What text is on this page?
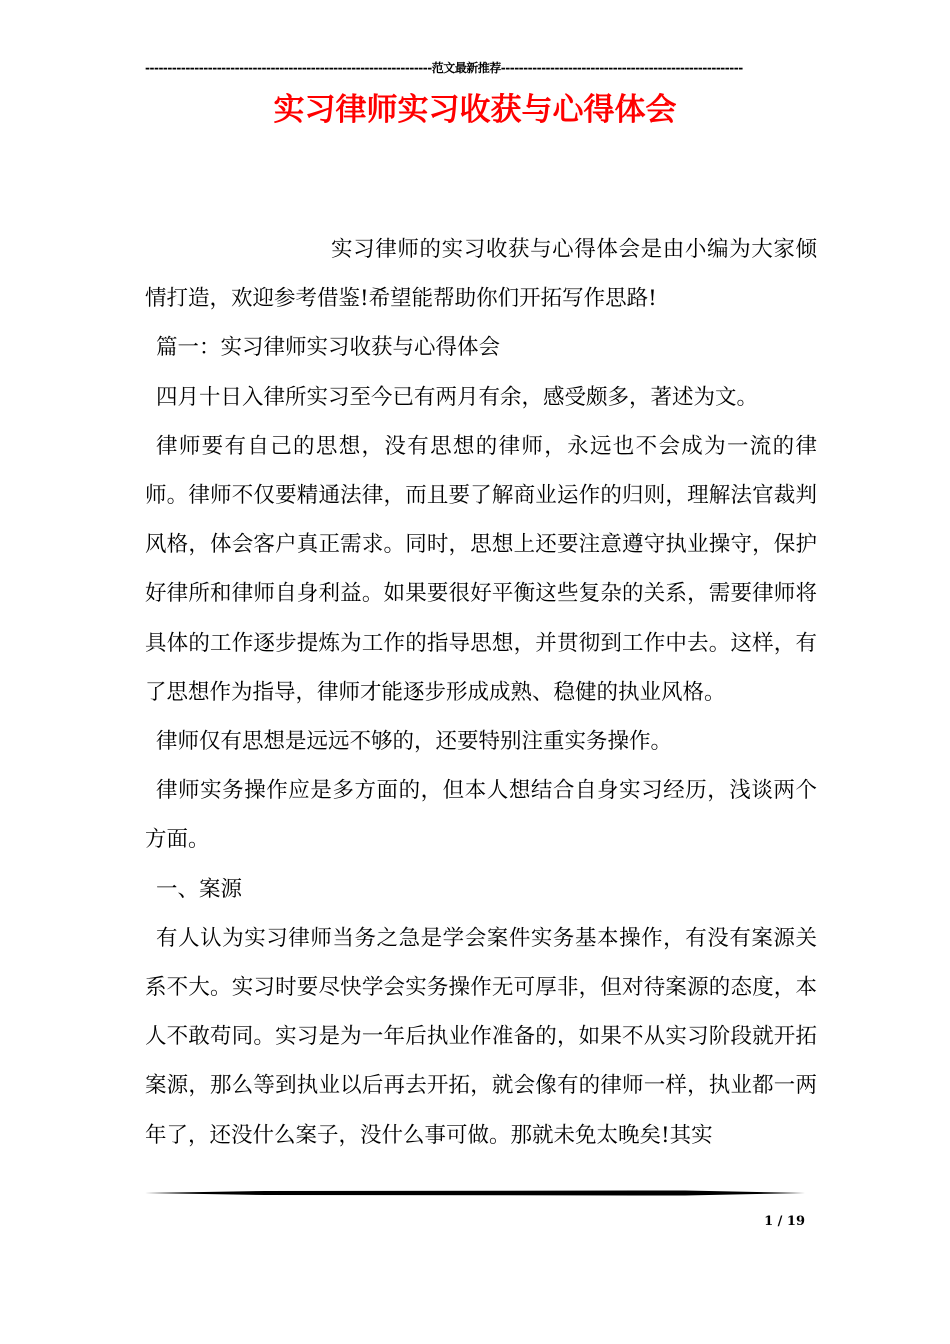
----------------------------------------------------------------范文最新推荐------------------------------------------------------
实习律师实习收获与心得体会

实习律师的实习收获与心得体会是由小编为大家倾情打造，欢迎参考借鉴!希望能帮助你们开拓写作思路!

篇一：实习律师实习收获与心得体会

四月十日入律所实习至今已有两月有余，感受颇多，著述为文。

律师要有自己的思想，没有思想的律师，永远也不会成为一流的律师。律师不仅要精通法律，而且要了解商业运作的归则，理解法官裁判风格，体会客户真正需求。同时，思想上还要注意遵守执业操守，保护好律所和律师自身利益。如果要很好平衡这些复杂的关系，需要律师将具体的工作逐步提炼为工作的指导思想，并贯彻到工作中去。这样，有了思想作为指导，律师才能逐步形成成熟、稳健的执业风格。

律师仅有思想是远远不够的，还要特别注重实务操作。

律师实务操作应是多方面的，但本人想结合自身实习经历，浅谈两个方面。

一、案源

有人认为实习律师当务之急是学会案件实务基本操作，有没有案源关系不大。实习时要尽快学会实务操作无可厚非，但对待案源的态度，本人不敢苟同。实习是为一年后执业作准备的，如果不从实习阶段就开拓案源，那么等到执业以后再去开拓，就会像有的律师一样，执业都一两年了，还没什么案子，没什么事可做。那就未免太晚矣!其实

1 / 19
